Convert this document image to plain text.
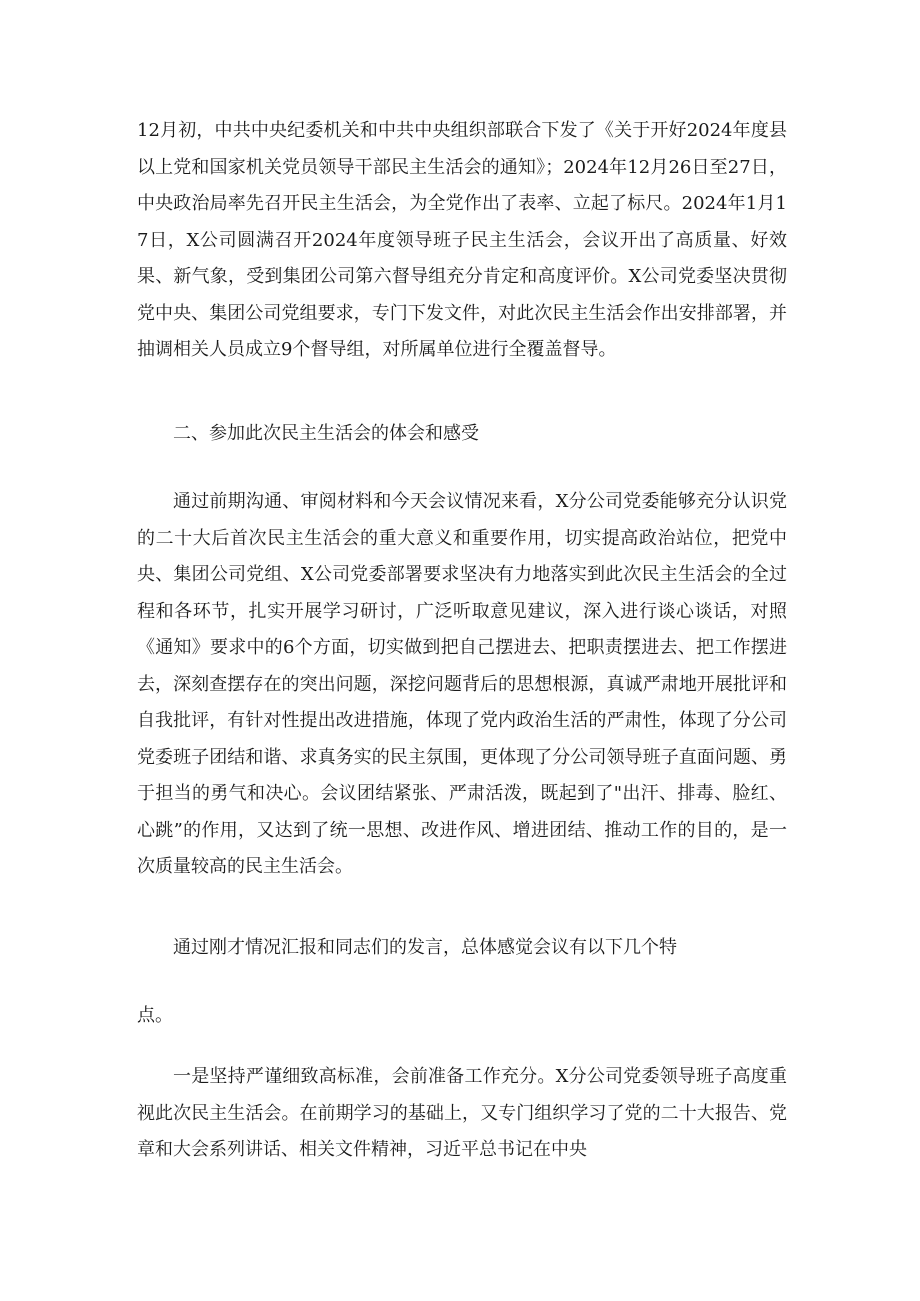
12月初，中共中央纪委机关和中共中央组织部联合下发了《关于开好2024年度县以上党和国家机关党员领导干部民主生活会的通知》；2024年12月26日至27日，中央政治局率先召开民主生活会，为全党作出了表率、立起了标尺。2024年1月17日，X公司圆满召开2024年度领导班子民主生活会，会议开出了高质量、好效果、新气象，受到集团公司第六督导组充分肯定和高度评价。X公司党委坚决贯彻党中央、集团公司党组要求，专门下发文件，对此次民主生活会作出安排部署，并抽调相关人员成立9个督导组，对所属单位进行全覆盖督导。

二、参加此次民主生活会的体会和感受

通过前期沟通、审阅材料和今天会议情况来看，X分公司党委能够充分认识党的二十大后首次民主生活会的重大意义和重要作用，切实提高政治站位，把党中央、集团公司党组、X公司党委部署要求坚决有力地落实到此次民主生活会的全过程和各环节，扎实开展学习研讨，广泛听取意见建议，深入进行谈心谈话，对照《通知》要求中的6个方面，切实做到把自己摆进去、把职责摆进去、把工作摆进去，深刻查摆存在的突出问题，深挖问题背后的思想根源，真诚严肃地开展批评和自我批评，有针对性提出改进措施，体现了党内政治生活的严肃性，体现了分公司党委班子团结和谐、求真务实的民主氛围，更体现了分公司领导班子直面问题、勇于担当的勇气和决心。会议团结紧张、严肃活泼，既起到了"出汗、排毒、脸红、心跳”的作用，又达到了统一思想、改进作风、增进团结、推动工作的目的，是一次质量较高的民主生活会。

通过刚才情况汇报和同志们的发言，总体感觉会议有以下几个特

点。

一是坚持严谨细致高标准，会前准备工作充分。X分公司党委领导班子高度重视此次民主生活会。在前期学习的基础上，又专门组织学习了党的二十大报告、党章和大会系列讲话、相关文件精神，习近平总书记在中央
